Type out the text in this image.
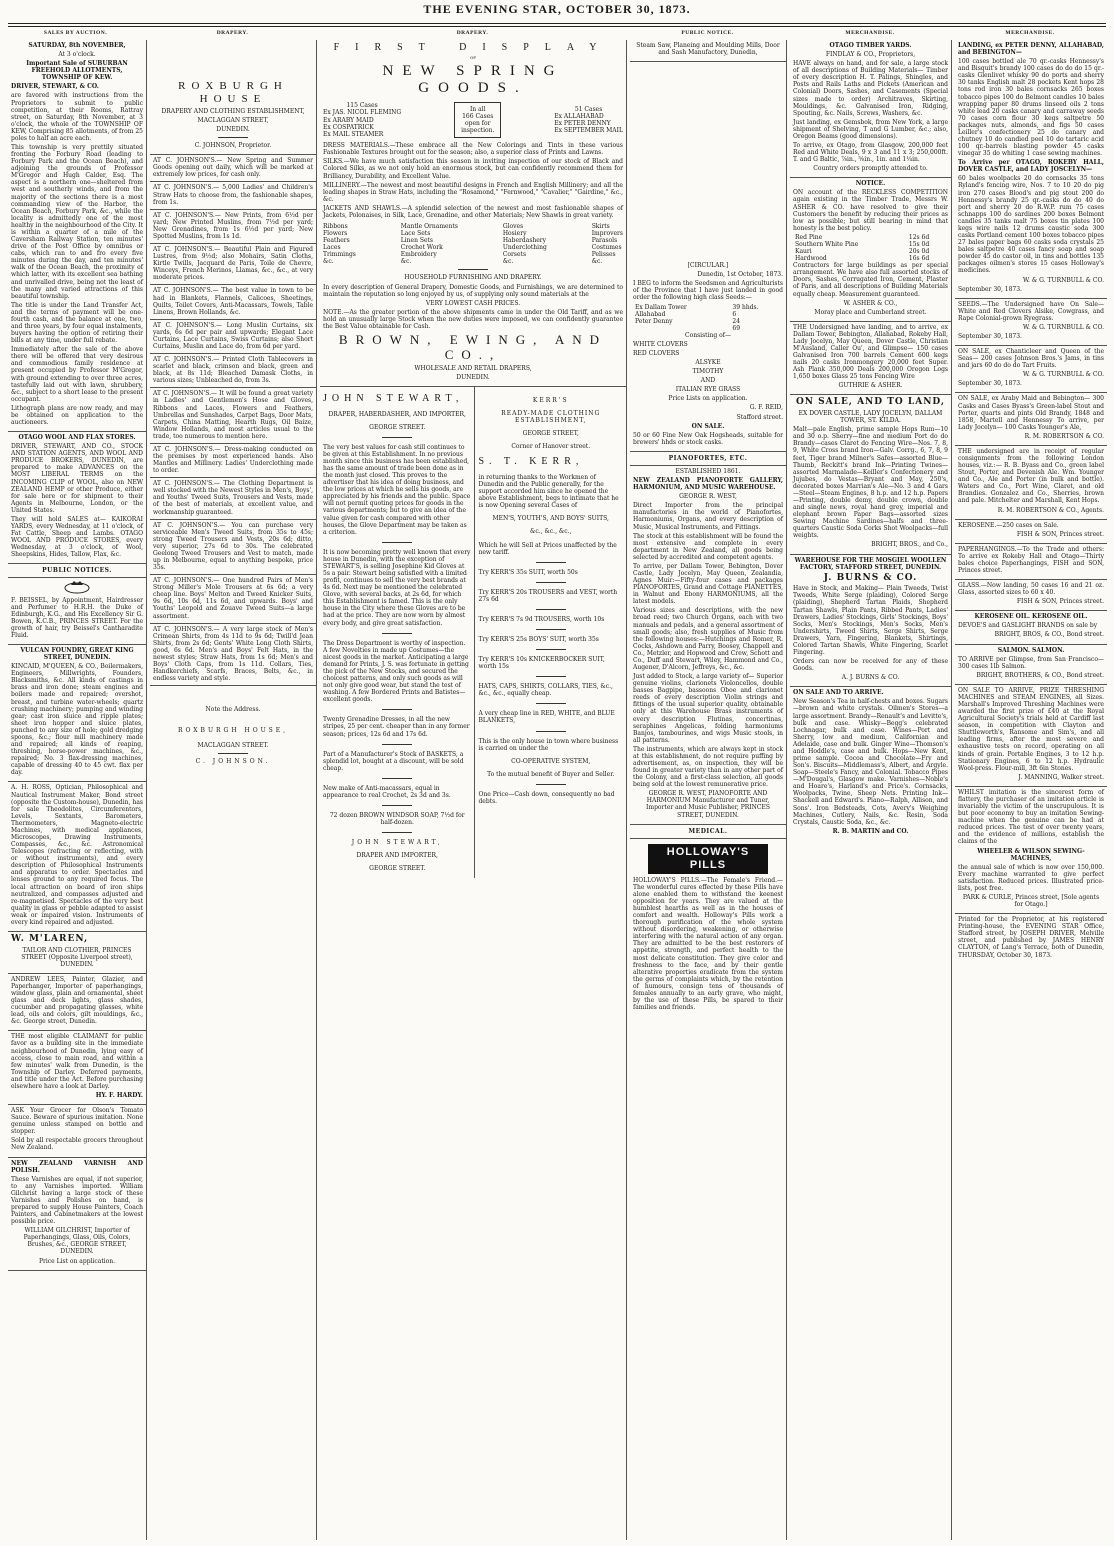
THE EVENING STAR, OCTOBER 30, 1873.
SALES BY AUCTION.	DRAPERY.	DRAPERY.	PUBLIC NOTICE.	MERCHANDISE.	MERCHANDISE.

SATURDAY, 8th NOVEMBER,

At 3 o'clock.

Important Sale of SUBURBAN FREEHOLD ALLOTMENTS, TOWNSHIP OF KEW.

DRIVER, STEWART, & CO.

are favored with instructions from the Proprietors to submit to public competition, at their Rooms, Rattray street, on Saturday, 8th November, at 3 o'clock, the whole of the TOWNSHIP OF KEW, Comprising 85 allotments, of from 25 poles to half an acre each.

This township is very prettily situated fronting the Forbury Road (leading to Forbury Park and the Ocean Beach), and adjoining the grounds of Professor M'Gregor and Hugh Calder, Esq. The aspect is a northern one—sheltered from west and southerly winds, and from the majority of the sections there is a most commanding view of the Harbor, the Ocean Beach, Forbury Park, &c., while the locality is admittedly one of the most healthy in the neighbourhood of the City. It is within a quarter of a mile of the Caversham Railway Station, ten minutes' drive of the Post Office by omnibus or cabs, which ran to and fro every five minutes during the day, and ten minutes' walk of the Ocean Beach, the proximity of which latter, with its excellent sea bathing and unrivalled drive, being not the least of the many and varied attractions of this beautiful township.

The title is under the Land Transfer Act, and the terms of payment will be one-fourth cash, and the balance at one, two, and three years, by four equal instalments, buyers having the option of retiring their bills at any time, under full rebate.

Immediately after the sale of the above there will be offered that very desirous and commodious family residence at present occupied by Professor M'Gregor, with ground extending to over three acres, tastefully laid out with lawn, shrubbery, &c., subject to a short lease to the present occupant.

Lithograph plans are now ready, and may be obtained on application to the auctioneers.

OTAGO WOOL AND FLAX STORES.

DRIVER, STEWART, AND CO., STOCK AND STATION AGENTS, AND WOOL AND PRODUCE BROKERS, DUNEDIN, are prepared to make ADVANCES on the MOST LIBERAL TERMS on the INCOMING CLIP of WOOL, also on NEW ZEALAND HEMP or other Produce, either for sale here or for shipment to their Agents in Melbourne, London, or the United States.

They will hold SALES at— KAIKORAI YARDS, every Wednesday, at 11 o'clock, of Fat Cattle, Sheep and Lambs. OTAGO WOOL AND PRODUCE STORES, every Wednesday, at 3 o'clock, of Wool, Sheepskins, Hides, Tallow, Flax, &c.

PUBLIC NOTICES.

F. BEISSEL, by Appointment, Hairdresser and Perfumer to H.R.H. the Duke of Edinburgh, K.G., and His Excellency Sir G. Bowen, K.C.B., PRINCES STREET. For the growth of hair, try Beissel's Cantharadite Fluid.

VULCAN FOUNDRY, GREAT KING STREET, DUNEDIN.

KINCAID, M'QUEEN, & CO., Boilermakers, Engineers, Millwrights, Founders, Blacksmiths, &c. All kinds of castings in brass and iron done; steam engines and boilers made and repaired; overshot, breast, and turbine water-wheels; quartz crushing machinery; pumping and winding gear; cast iron sluice and ripple plates; sheet iron hopper and sluice plates, punched to any size of hole; gold dredging spoons, &c.; flour mill machinery made and repaired; all kinds of reaping, threshing, horse-power machines, &c., repaired; No. 3 flax-dressing machines, capable of dressing 40 to 45 cwt. flax per day.

A. H. ROSS, Optician, Philosophical and Nautical Instrument Maker, Bond street (opposite the Custom-house), Dunedin, has for sale Theodolites, Circumferentors, Levels, Sextants, Barometers, Thermometers, Magneto-electric Machines, with medical appliances, Microscopes, Drawing Instruments, Compasses, &c., &c. Astronomical Telescopes (refracting or reflecting, with or without instruments), and every description of Philosophical Instruments and apparatus to order. Spectacles and lenses ground to any required focus. The local attraction on board of iron ships neutralized, and compasses adjusted and re-magnetised. Spectacles of the very best quality in glass or pebble adapted to assist weak or impaired vision. Instruments of every kind repaired and adjusted.

W. M'LAREN,

TAILOR AND CLOTHIER, PRINCES STREET (Opposite Liverpool street), DUNEDIN.

ANDREW LEES, Painter, Glazier, and Paperhanger, Importer of paperhangings, window glass, plain and ornamental, sheet glass and deck lights, glass shades, cucumber and propagating glasses, white lead, oils and colors, gilt mouldings, &c., &c. George street, Dunedin.

THE most eligible CLAIMANT for public favor as a building site in the immediate neighbourhood of Dunedin, lying easy of access, close to main road, and within a few minutes' walk from Dunedin, is the Township of Darley. Deferred payments, and title under the Act. Before purchasing elsewhere have a look at Darley.

HY. F. HARDY.

ASK Your Grocer for Olson's Tomato Sauce. Beware of spurious imitation. None genuine unless stamped on bottle and stopper.

Sold by all respectable grocers throughout New Zealand.

NEW ZEALAND VARNISH AND POLISH.

These Varnishes are equal, if not superior, to any Varnishes imported. William Gilchrist having a large stock of these Varnishes and Polishes on hand, is prepared to supply House Painters, Coach Painters, and Cabinetmakers at the lowest possible price.

WILLIAM GILCHRIST, Importer of Paperhangings, Glass, Oils, Colors, Brushes, &c., GEORGE STREET, DUNEDIN.

Price List on application.

ROXBURGH HOUSE

DRAPERY AND CLOTHING ESTABLISHMENT,

MACLAGGAN STREET,

DUNEDIN.

C. JOHNSON, Proprietor.

AT C. JOHNSON'S.— New Spring and Summer Goods opening out daily, which will be marked at extremely low prices, for cash only.
AT C. JOHNSON'S.— 5,000 Ladies' and Children's Straw Hats to choose from, the fashionable shapes, from 1s.
AT C. JOHNSON'S.— New Prints, from 6½d per yard; New Printed Muslins, from 7½d per yard; New Grenadines, from 1s 6½d per yard; New Spotted Muslins, from 1s 1d.
AT C. JOHNSON'S.— Beautiful Plain and Figured Lustres, from 9½d; also Mohairs, Satin Cloths, Kirtle Twills, Jacquard de Paris, Toile de Chevre, Winceys, French Merinos, Llamas, &c., &c., at very moderate prices.
AT C. JOHNSON'S.— The best value in town to be had in Blankets, Flannels, Calicoes, Sheetings, Quilts, Toilet Covers, Anti-Macassars, Towels, Table Linens, Brown Hollands, &c.
AT C. JOHNSON'S.— Long Muslin Curtains, six yards, 6s 6d per pair and upwards; Elegant Lace Curtains, Lace Curtains, Swiss Curtains; also Short Curtains, Muslin and Lace do, from 6d per yard.
AT C. JOHNSON'S.— Printed Cloth Tablecovers in scarlet and black, crimson and black, green and black, at 8s 11d; Bleached Damask Cloths, in various sizes; Unbleached do, from 3s.
AT C. JOHNSON'S.— It will be found a great variety in Ladies' and Gentlemen's Hose and Gloves, Ribbons and Laces, Flowers and Feathers, Umbrellas and Sunshades, Carpet Bags, Door Mats, Carpets, China Matting, Hearth Rugs, Oil Baize, Window Hollands, and most articles usual to the trade, too numerous to mention here.
AT C. JOHNSON'S.— Dress-making conducted on the premises by most experienced hands. Also Mantles and Millinery. Ladies' Underclothing made to order.
AT C. JOHNSON'S.— The Clothing Department is well stocked with the Newest Styles in Men's, Boys', and Youths' Tweed Suits, Trousers and Vests, made of the best of materials, at excellent value, and workmanship guaranteed.
AT C. JOHNSON'S.— You can purchase very serviceable Men's Tweed Suits, from 35s to 45s; strong Tweed Trousers and Vests, 20s 6d; ditto, very superior, 27s 6d to 30s. The celebrated Geelong Tweed Trousers and Vest to match, made up in Melbourne, equal to anything bespoke, price 35s.
AT C. JOHNSON'S.— One hundred Pairs of Men's Strong Miller's Mole Trousers at 6s 6d; a very cheap line. Boys' Melton and Tweed Knicker Suits, 9s 6d, 10s 6d, 11s 6d, and upwards. Boys' and Youths' Leopold and Zouave Tweed Suits—a large assortment.
AT C. JOHNSON'S.— A very large stock of Men's Crimean Shirts, from 4s 11d to 9s 6d; Twill'd Jean Shirts, from 2s 6d; Gents' White Long Cloth Shirts, good, 6s 6d. Men's and Boys' Felt Hats, in the newest styles; Straw Hats, from 1s 6d; Men's and Boys' Cloth Caps, from 1s 11d. Collars, Ties, Handkerchiefs, Scarfs, Braces, Belts, &c., in endless variety and style.

Note the Address.

ROXBURGH HOUSE,

MACLAGGAN STREET.

C. JOHNSON.

FIRST DISPLAY

OF

NEW SPRING GOODS.

115 Cases
Ex JAS. NICOL FLEMING
Ex ARABY MAID
Ex COSPATRICK
Ex MAIL STEAMER
In all
166 Cases
open for
inspection.
51 Cases
Ex ALLAHABAD
Ex PETER DENNY
Ex SEPTEMBER MAIL

DRESS MATERIALS.—These embrace all the New Colorings and Tints in these various Fashionable Textures brought out for the season; also, a superior class of Prints and Lawns.

SILKS.—We have much satisfaction this season in inviting inspection of our stock of Black and Colored Silks, as we not only hold an enormous stock, but can confidently recommend them for Brilliancy, Durability, and Excellent Value.

MILLINERY.—The newest and most beautiful designs in French and English Millinery; and all the leading shapes in Straw Hats, including the "Rosamond," "Fernwood," "Cavalier," "Gairdine," &c., &c.

JACKETS AND SHAWLS.—A splendid selection of the newest and most fashionable shapes of Jackets, Polonaises, in Silk, Lace, Grenadine, and other Materials; New Shawls in great variety.

Ribbons
Flowers
Feathers
Laces
Trimmings
&c.
Mantle Ornaments
Lace Sets
Linen Sets
Crochet Work
Embroidery
&c.
Gloves
Hosiery
Haberdashery
Underclothing
Corsets
&c.
Skirts
Improvers
Parasols
Costumes
Pelisses
&c.

HOUSEHOLD FURNISHING AND DRAPERY.

In every description of General Drapery, Domestic Goods, and Furnishings, we are determined to maintain the reputation so long enjoyed by us, of supplying only sound materials at the

VERY LOWEST CASH PRICES.

NOTE.—As the greater portion of the above shipments came in under the Old Tariff, and as we hold an unusually large Stock when the new duties were imposed, we can confidently guarantee the Best Value obtainable for Cash.

BROWN, EWING, AND CO.,

WHOLESALE AND RETAIL DRAPERS,

DUNEDIN.

JOHN STEWART,

DRAPER, HABERDASHER, AND IMPORTER,

GEORGE STREET.

The very best values for cash still continues to be given at this Establishment. In no previous month since this business has been established, has the same amount of trade been done as in the month just closed. This proves to the advertiser that his idea of doing business, and the low prices at which he sells his goods, are appreciated by his friends and the public. Space will not permit quoting prices for goods in the various departments; but to give an idea of the value given for cash compared with other houses, the Glove Department may be taken as a criterion.

It is now becoming pretty well known that every house in Dunedin, with the exception of STEWART'S, is selling Josephine Kid Gloves at 5s a pair. Stewart being satisfied with a limited profit, continues to sell the very best brands at 4s 6d. Next may be mentioned the celebrated Glove, with several backs, at 2s 6d, for which this Establishment is famed. This is the only house in the City where these Gloves are to be had at the price. They are now worn by almost every body, and give great satisfaction.

The Dress Department is worthy of inspection. A few Novelties in made up Costumes—the nicest goods in the market. Anticipating a large demand for Prints, J. S. was fortunate in getting the pick of the New Stocks, and secured the choicest patterns, and only such goods as will not only give good wear, but stand the test of washing. A few Bordered Prints and Batistes—excellent goods.

Twenty Grenadine Dresses, in all the new stripes, 25 per cent. cheaper than in any former season; prices, 12s 6d and 17s 6d.

Part of a Manufacturer's Stock of BASKETS, a splendid lot, bought at a discount, will be sold cheap.

New make of Anti-macassars, equal in appearance to real Crochet, 2s 3d and 3s.

72 dozen BROWN WINDSOR SOAP, 7½d for half-dozen.

JOHN STEWART,

DRAPER AND IMPORTER,

GEORGE STREET.

KERR'S

READY-MADE CLOTHING ESTABLISHMENT,

GEORGE STREET,

Corner of Hanover street.

S. T. KERR,

in returning thanks to the Workmen of Dunedin and the Public generally, for the support accorded him since he opened the above Establishment, begs to intimate that he is now Opening several Cases of

MEN'S, YOUTH'S, AND BOYS' SUITS,

&c., &c., &c.,

Which he will Sell at Prices unaffected by the new tariff.

Try KERR'S 35s SUIT, worth 50s

Try KERR'S 20s TROUSERS and VEST, worth 27s 6d

Try KERR'S 7s 9d TROUSERS, worth 10s

Try KERR'S 25s BOYS' SUIT, worth 35s

Try KERR'S 10s KNICKERBOCKER SUIT, worth 15s

HATS, CAPS, SHIRTS, COLLARS, TIES, &c., &c., &c., equally cheap.

A very cheap line in RED, WHITE, and BLUE BLANKETS,

This is the only house in town where business is carried on under the

CO-OPERATIVE SYSTEM,

To the mutual benefit of Buyer and Seller.

One Price—Cash down, consequently no bad debts.

Steam Saw, Planeing and Moulding Mills, Door and Sash Manufactory, Dunedin,

[CIRCULAR.]

Dunedin, 1st October, 1873.

I BEG to inform the Seedsmen and Agriculturists of the Province that I have just landed in good order the following high class Seeds:—

Ex Dallam Tower	39 hhds.
Allahabad	6
Peter Denny	24
	69

Consisting of—

WHITE CLOVERS

RED CLOVERS

ALSYKE

TIMOTHY

AND

ITALIAN RYE GRASS

Price Lists on application.

G. F. REID,

Stafford street.

ON SALE.

50 or 60 Fine New Oak Hogsheads, suitable for brewers' hhds or stock casks.

PIANOFORTES, ETC.

ESTABLISHED 1861.

NEW ZEALAND PIANOFORTE GALLERY, HARMONIUM, AND MUSIC WAREHOUSE.

GEORGE R. WEST,

Direct Importer from the principal manufactories in the world of Pianofortes, Harmoniums, Organs, and every description of Music, Musical Instruments, and Fittings.

The stock at this establishment will be found the most extensive and complete in every department in New Zealand, all goods being selected by accredited and competent agents.

To arrive, per Dallam Tower, Bebington, Dover Castle, Lady Jocelyn, May Queen, Zealandia, Agnes Muir:—Fifty-four cases and packages PIANOFORTES, Grand and Cottage PIANETTES, in Walnut and Ebony HARMONIUMS, all the latest models.

Various sizes and descriptions, with the new broad reed; two Church Organs, each with two manuals and pedals, and a general assortment of small goods; also, fresh supplies of Music from the following houses:—Hutchings and Romer, R. Cocks, Ashdown and Parry, Boosey, Chappell and Co., Metzler, and Hopwood and Crew, Schott and Co., Duff and Stewart, Wiley, Hammond and Co., Augener, D'Alcorn, Jeffreys, &c., &c.

Just added to Stock, a large variety of— Superior genuine violins, clarionets Violoncellos, double basses Bagpipe, bassoons Oboe and clarionet reeds of every description Violin strings and fittings of the usual superior quality, obtainable only at this Warehouse Brass instruments of every description Flutinas, concertinas, seraphines Angelicas, folding harmoniums Banjos, tambourines, and wigs Music stools, in all patterns.

The instruments, which are always kept in stock at this establishment, do not require puffing by advertisement, as, on inspection, they will be found in greater variety than in any other part of the Colony, and a first-class selection, all goods being sold at the lowest remunerative price.

GEORGE R. WEST, PIANOFORTE AND HARMONIUM Manufacturer and Tuner, Importer and Music Publisher, PRINCES STREET, DUNEDIN.

MEDICAL.
HOLLOWAY'S PILLS

HOLLOWAY'S PILLS.—The Female's Friend.—The wonderful cures effected by these Pills have alone enabled them to withstand the keenest opposition for years. They are valued at the humblest hearths as well as in the houses of comfort and wealth. Holloway's Pills work a thorough purification of the whole system without disordering, weakening, or otherwise interfering with the natural action of any organ. They are admitted to be the best restorers of appetite, strength, and perfect health to the most delicate constitution. They give color and freshness to the face, and by their gentle alterative properties eradicate from the system the germs of complaints which, by the retention of humours, consign tens of thousands of females annually to an early grave, who might, by the use of these Pills, be spared to their families and friends.

OTAGO TIMBER YARDS.

FINDLAY & CO., Proprietors,

HAVE always on hand, and for sale, a large stock of all descriptions of Building Materials— Timber of every description H. T. Palings, Shingles, and Posts and Rails Laths and Pickets (American and Colonial) Doors, Sashes, and Casements (Special sizes made to order) Architraves, Skirting, Mouldings, &c. Galvanised Iron, Ridging, Spouting, &c. Nails, Screws, Washers, &c.

Just landing, ex Gemsbok, from New York, a large shipment of Shelving, T and G Lumber, &c.; also, Oregon Beams (good dimensions).

To arrive, ex Otago, from Glasgow, 200,000 feet Red and White Deals, 9 x 3 and 11 x 3; 250,000ft. T. and G Baltic, ⅞in., ⅝in., 1in. and 1¼in.

Country orders promptly attended to.

NOTICE.

ON account of the RECKLESS COMPETITION again existing in the Timber Trade, Messrs W. ASHER & CO. have resolved to give their Customers the benefit by reducing their prices as low as possible; but still bearing in mind that honesty is the best policy.

Red Pine	12s 6d
Southern White Pine	15s 0d
Kauri	20s 0d
Hardwood	16s 6d

Contractors for large buildings as per special arrangement. We have also full assorted stocks of Doors, Sashes, Corrugated Iron, Cement, Plaster of Paris, and all descriptions of Building Materials equally cheap. Measurement guaranteed.

W. ASHER & CO.,

Moray place and Cumberland street.

THE Undersigned have landing, and to arrive, ex Dallam Tower, Bebington, Allahabad, Rokeby Hall, Lady Jocelyn, May Queen, Dover Castle, Christian M'Ausland, Caller Ou', and Glimpse— 150 cases Galvanised Iron 700 barrels Cement 600 kegs nails 20 casks Ironmongery 20,000 feet Super. Ash Plank 350,000 Deals 200,000 Oregon Logs 1,650 boxes Glass 25 tons Fencing Wire

GUTHRIE & ASHER.

ON SALE, AND TO LAND,

EX DOVER CASTLE, LADY JOCELYN, DALLAM TOWER, ST. KILDA.

Malt—pale English, prime sample Hops Rum—10 and 30 o.p. Sherry—fine and medium Port do do Brandy—cases Claret do Fencing Wire—Nos. 7, 8, 9, White Cross brand Iron—Galv. Corrg., 6, 7, 8, 9 feet, Tiger brand Milner's Safes—assorted Blue—Thumb, Reckitt's brand Ink—Printing Twines—assorted Marmalade—Keiller's Confectionery and Jujubes, do Vestas—Bryant and May, 250's, decorated boxes Marrian's Ale—No. 3 and 4 Gars—Steel—Steam Engines, 8 h.p. and 12 h.p. Papers—Printing, double demy, double crown, double and single news, royal hand grey, imperial and elephant brown Paper Bags—assorted sizes Sewing Machine Sardines—halfs and three-quarters Caustic Soda Corks Shot Woolpacks—full weights.

BRIGHT, BROS., and Co.,

WAREHOUSE FOR THE MOSGIEL WOOLLEN FACTORY, STAFFORD STREET, DUNEDIN.

J. BURNS & CO.

Have in Stock, and Making— Plain Tweeds, Twist Tweeds, White Serge (plaiding), Colored Serge (plaiding), Shepherd Tartan Plaids, Shepherd Tartan Shawls, Plain Pants, Ribbed Pants, Ladies' Drawers, Ladies' Stockings, Girls' Stockings, Boys' Socks, Men's Stockings, Men's Socks, Men's Undershirts, Tweed Shirts, Serge Shirts, Serge Drawers, Yarn, Fingering, Blankets, Shirtings, Colored Tartan Shawls, White Fingering, Scarlet Fingering.

Orders can now be received for any of these Goods.

A. J. BURNS & CO.

ON SALE AND TO ARRIVE.

New Season's Tea in half-chests and boxes. Sugars—brown and white crystals. Oilmen's Stores—a large assortment. Brandy—Renault's and Levitte's, bulk and case. Whisky—Begg's celebrated Lochnagar, bulk and case. Wines—Port and Sherry, low and medium, Californian and Adelaide, case and bulk. Ginger Wine—Thomson's and Hoddle's, case and bulk. Hops—New Kent, prime sample. Cocoa and Chocolate—Fry and Son's. Biscuits—Middlemass's, Albert, and Argyle. Soap—Steele's Fancy, and Colonial. Tobacco Pipes—M'Dougal's, Glasgow make. Varnishes—Noble's and Hoare's, Harland's and Price's. Cornsacks, Woolpacks, Twine, Sheep Nets. Printing Ink—Shackell and Edward's. Piano—Ralph, Allison, and Sons'. Iron Bedsteads, Cots, Avery's Weighing Machines, Cutlery, Nails, &c. Resin, Soda Crystals, Caustic Soda, &c., &c.

R. B. MARTIN and CO.

LANDING, ex PETER DENNY, ALLAHABAD, and BEBINGTON—

100 cases bottled ale 70 qr.-casks Hennessy's and Bisquit's brandy 100 cases do do do 15 qr.-casks Glenlivet whisky 90 do ports and sherry 30 tanks English malt 28 pockets Kent hops 28 tons rod iron 30 bales cornsacks 265 boxes tobacco pipes 100 do Belmont candles 10 bales wrapping paper 80 drums linseed oils 2 tons white lead 20 casks canary and carraway seeds 70 cases corn flour 30 kegs saltpetre 50 packages nuts, almonds, and figs 50 cases Leiller's confectionery 25 do canary and chutney 10 do candied peel 10 do tartaric acid 100 qr.-barrels blasting powder 45 casks vinegar 35 do whiting 1 case sewing machines.

To Arrive per OTAGO, ROKEBY HALL, DOVER CASTLE, and LADY JOSCELYN—

60 bales woolpacks 20 do cornsacks 35 tons Ryland's fencing wire, Nos. 7 to 10 20 do pig iron 270 cases Blood's and pig stout 200 do Hennessy's brandy 25 qr.-casks do do 40 do port and sherry 20 do R.W.P. rum 75 cases schnapps 100 do sardines 200 boxes Belmont candles 35 tanks malt 75 boxes tin plates 100 kegs wire nails 12 drums caustic soda 300 casks Portland cement 100 boxes tobacco pipes 27 bales paper bags 60 casks soda crystals 25 bales saltpetre 40 cases fancy soap and soap powder 45 do castor oil, in tins and bottles 135 packages oilmen's stores 15 cases Holloway's medicines.

W. & G. TURNBULL & CO.

September 30, 1873.

SEEDS.—The Undersigned have On Sale— White and Red Clovers Alsike, Cowgrass, and Rape Colonial-grown Ryegrass.

W. & G. TURNBULL & CO.

September 30, 1873.

ON SALE, ex Chanticleer and Queen of the Seas— 200 cases Johnson Bros.'s Jams, in tins and jars 60 do do do Tart Fruits.

W. & G. TURNBULL & CO.

September 30, 1873.

ON SALE, ex Araby Maid and Bebington— 300 Casks and Cases Byass's Green-label Stout and Porter, quarts and pints Old Brandy, 1848 and 1858, Martell and Hennessy To arrive, per Lady Jocelyn— 100 Casks Younger's Ale,

R. M. ROBERTSON & CO.

THE undersigned are in receipt of regular consignments from the following London houses, viz.:— R. B. Byass and Co., green label Stout, Porter, and Devenish Ale. Wm. Younger and Co., Ale and Porter (in bulk and bottle). Waters and Co., Port Wine, Claret, and old Brandies. Gonzalez and Co., Sherries, brown and pale. Mitchelter and Marshall, Kent Hops.

R. M. ROBERTSON & CO., Agents.

KEROSENE.—250 cases on Sale.

FISH & SON, Princes street.

PAPERHANGINGS.—To the Trade and others: To arrive ex Rokeby Hall and Otago—Thirty bales choice Paperhangings, FISH and SON, Princes street.

GLASS.—Now landing, 50 cases 16 and 21 oz. Glass, assorted sizes to 60 x 40.

FISH & SON, Princes street.

KEROSENE OIL. KEROSENE OIL.

DEVOE'S and GASLIGHT BRANDS on sale by

BRIGHT, BROS, & CO., Bond street.

SALMON. SALMON.

TO ARRIVE per Glimpse, from San Francisco— 300 cases 1lb Salmon.

BRIGHT, BROTHERS, & CO., Bond street.

ON SALE TO ARRIVE, PRIZE THRESHING MACHINES and STEAM ENGINES, all Sizes. Marshall's Improved Threshing Machines were awarded the first prize of £40 at the Royal Agricultural Society's trials held at Cardiff last season, in competition with Clayton and Shuttleworth's, Ransome and Sim's, and all leading firms, after the most severe and exhaustive tests on record, operating on all kinds of grain. Portable Engines, 3 to 12 h.p. Stationary Engines, 6 to 12 h.p. Hydraulic Wool-press. Flour-mill, 3ft 6in Stones.

J. MANNING, Walker street.

WHILST imitation is the sincerest form of flattery, the purchaser of an imitation article is invariably the victim of the unscrupulous. It is but poor economy to buy an imitation Sewing-machine when the genuine can be had at reduced prices. The test of over twenty years, and the evidence of millions, establish the claims of the

WHEELER & WILSON SEWING-MACHINES,

the annual sale of which is now over 150,000. Every machine warranted to give perfect satisfaction. Reduced prices. Illustrated price-lists, post free.

PARK & CURLE, Princes street, [Sole agents for Otago.]

Printed for the Proprietor, at his registered Printing-house, the EVENING STAR Office, Stafford street, by JOSEPH DRIVER, Melville street, and published by JAMES HENRY CLAYTON, of Lang's Terrace, both of Dunedin, THURSDAY, October 30, 1873.
